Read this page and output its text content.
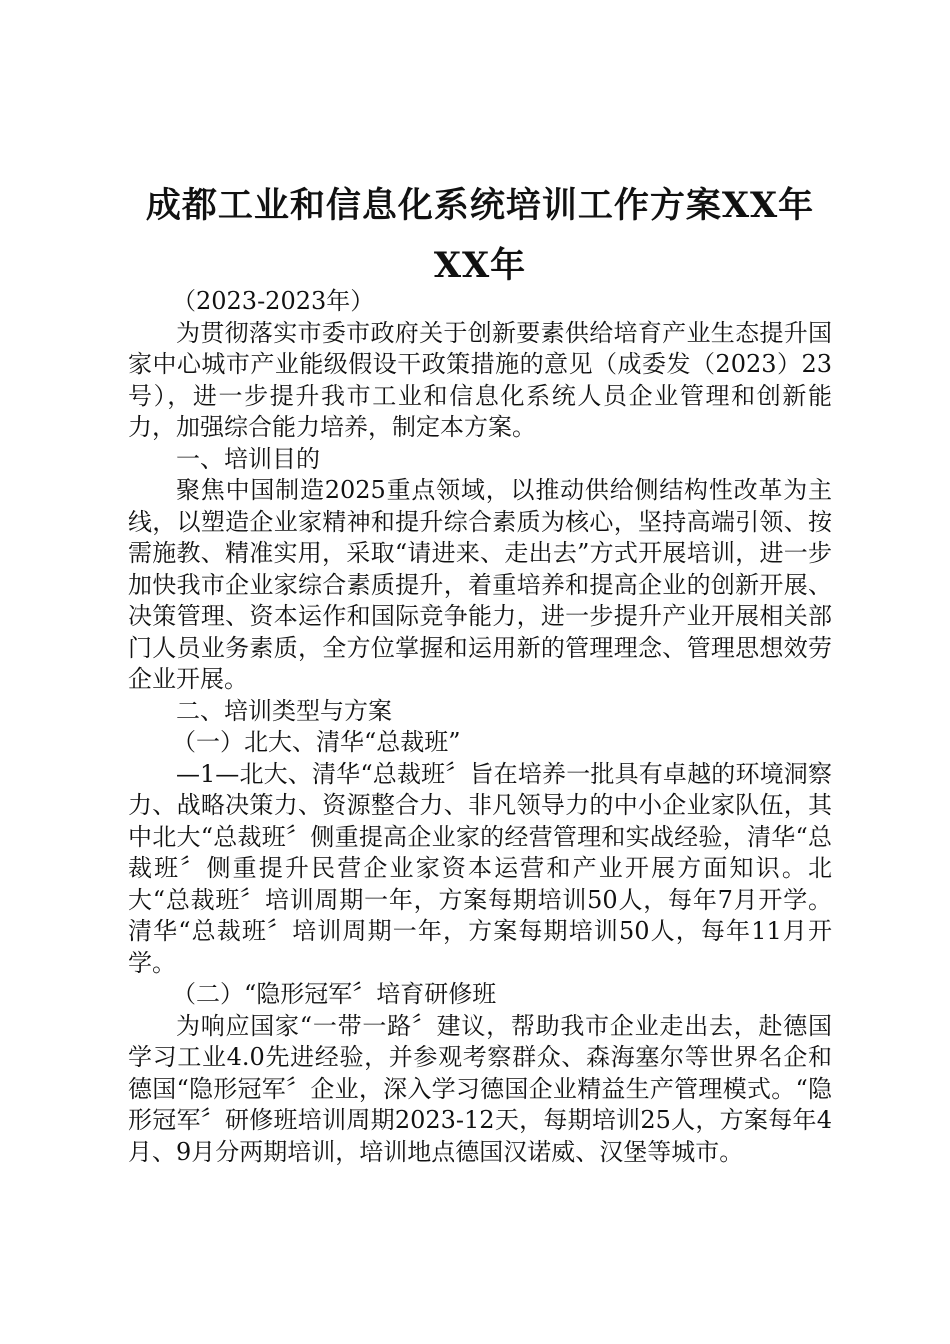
成都工业和信息化系统培训工作方案XX年XX年

（2023-2023年）

为贯彻落实市委市政府关于创新要素供给培育产业生态提升国家中心城市产业能级假设干政策措施的意见（成委发（2023）23号），进一步提升我市工业和信息化系统人员企业管理和创新能力，加强综合能力培养，制定本方案。

一、培训目的

聚焦中国制造2025重点领域，以推动供给侧结构性改革为主线，以塑造企业家精神和提升综合素质为核心，坚持高端引领、按需施教、精准实用，采取“请进来、走出去”方式开展培训，进一步加快我市企业家综合素质提升，着重培养和提高企业的创新开展、决策管理、资本运作和国际竞争能力，进一步提升产业开展相关部门人员业务素质，全方位掌握和运用新的管理理念、管理思想效劳企业开展。

二、培训类型与方案

（一）北大、清华“总裁班”

—1—北大、清华“总裁班〞旨在培养一批具有卓越的环境洞察力、战略决策力、资源整合力、非凡领导力的中小企业家队伍，其中北大“总裁班〞侧重提高企业家的经营管理和实战经验，清华“总裁班〞侧重提升民营企业家资本运营和产业开展方面知识。北大“总裁班〞培训周期一年，方案每期培训50人，每年7月开学。清华“总裁班〞培训周期一年，方案每期培训50人，每年11月开学。

（二）“隐形冠军〞培育研修班

为响应国家“一带一路〞建议，帮助我市企业走出去，赴德国学习工业4.0先进经验，并参观考察群众、森海塞尔等世界名企和德国“隐形冠军〞企业，深入学习德国企业精益生产管理模式。“隐形冠军〞研修班培训周期2023-12天，每期培训25人，方案每年4月、9月分两期培训，培训地点德国汉诺威、汉堡等城市。
